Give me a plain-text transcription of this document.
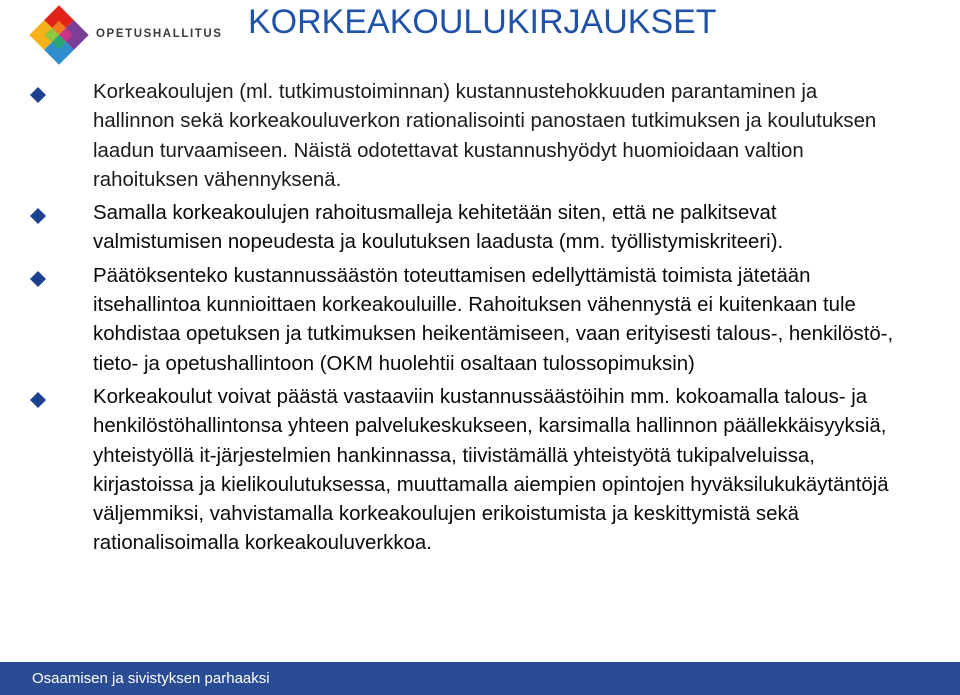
OPETUSHALLITUS KORKEAKOULUKIRJAUKSET
Korkeakoulujen (ml. tutkimustoiminnan) kustannustehokkuuden parantaminen ja hallinnon sekä korkeakouluverkon rationalisointi panostaen tutkimuksen ja koulutuksen laadun turvaamiseen. Näistä odotettavat kustannushyödyt huomioidaan valtion rahoituksen vähennyksenä.
Samalla korkeakoulujen rahoitusmalleja kehitetään siten, että ne palkitsevat valmistumisen nopeudesta ja koulutuksen laadusta (mm. työllistymiskriteeri).
Päätöksenteko kustannussäästön toteuttamisen edellyttämistä toimista jätetään itsehallintoa kunnioittaen korkeakouluille. Rahoituksen vähennystä ei kuitenkaan tule kohdistaa opetuksen ja tutkimuksen heikentämiseen, vaan erityisesti talous-, henkilöstö-, tieto- ja opetushallintoon (OKM huolehtii osaltaan tulossopimuksin)
Korkeakoulut voivat päästä vastaaviin kustannussäästöihin mm. kokoamalla talous- ja henkilöstöhallintonsa yhteen palvelukeskukseen, karsimalla hallinnon päällekkäisyyksiä, yhteistyöllä it-järjestelmien hankinnassa, tiivistämällä yhteistyötä tukipalveluissa, kirjastoissa ja kielikoulutuksessa, muuttamalla aiempien opintojen hyväksilukukäytäntöjä väljemmiksi, vahvistamalla korkeakoulujen erikoistumista ja keskittymistä sekä rationalisoimalla korkeakouluverkkoa.
Osaamisen ja sivistyksen parhaaksi
